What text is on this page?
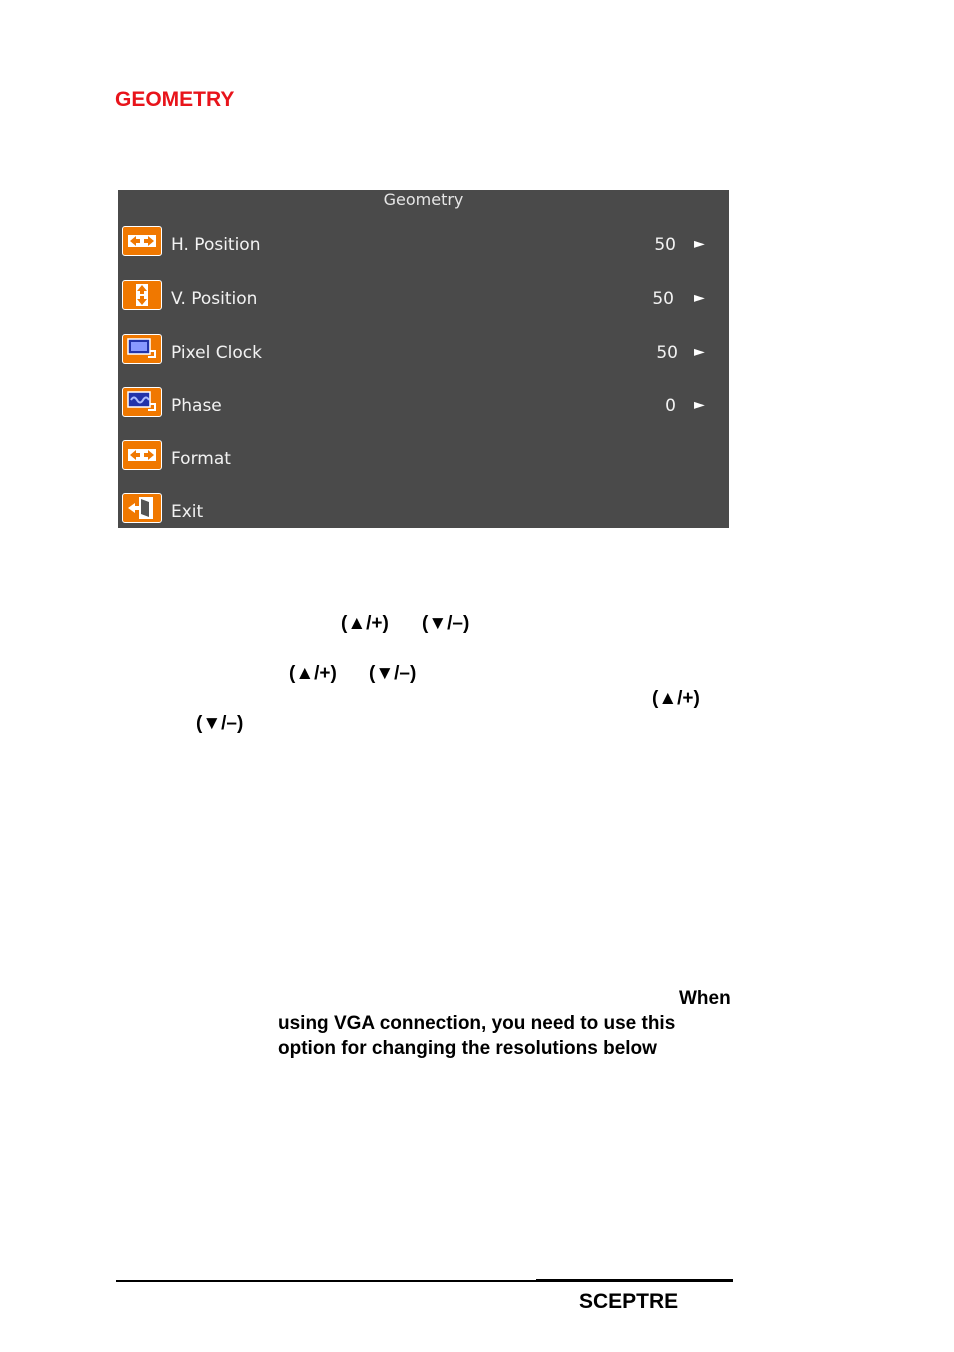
GEOMETRY
Geometry
H. Position	50 ►
V. Position	50 ►
Pixel Clock	50 ►
Phase	0 ►
Format
Exit
(▲/+) (▼/–)
(▲/+) (▼/–)
(▲/+)
(▼/–)
When
using VGA connection, you need to use this
option for changing the resolutions below
SCEPTRE
